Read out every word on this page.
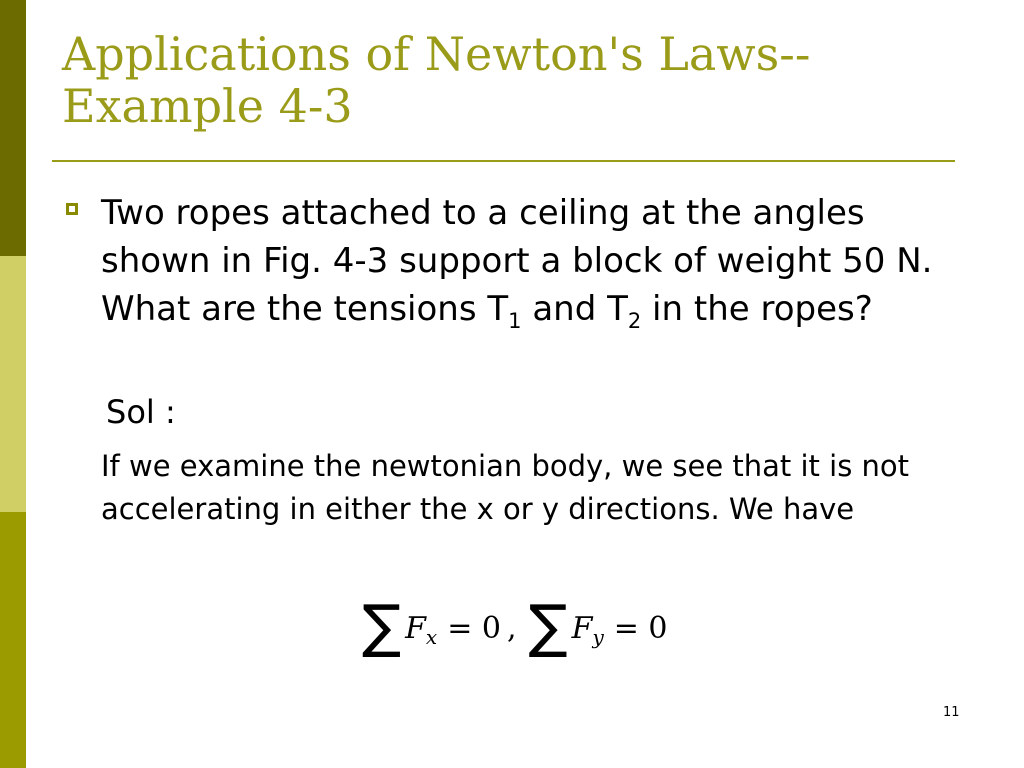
Applications of Newton's Laws--
Example 4-3
Two ropes attached to a ceiling at the angles shown in Fig. 4-3 support a block of weight 50 N. What are the tensions $T_1$ and $T_2$ in the ropes?
Sol :
If we examine the newtonian body, we see that it is not accelerating in either the x or y directions. We have
∑ F x = 0 , ∑ F y = 0
11
